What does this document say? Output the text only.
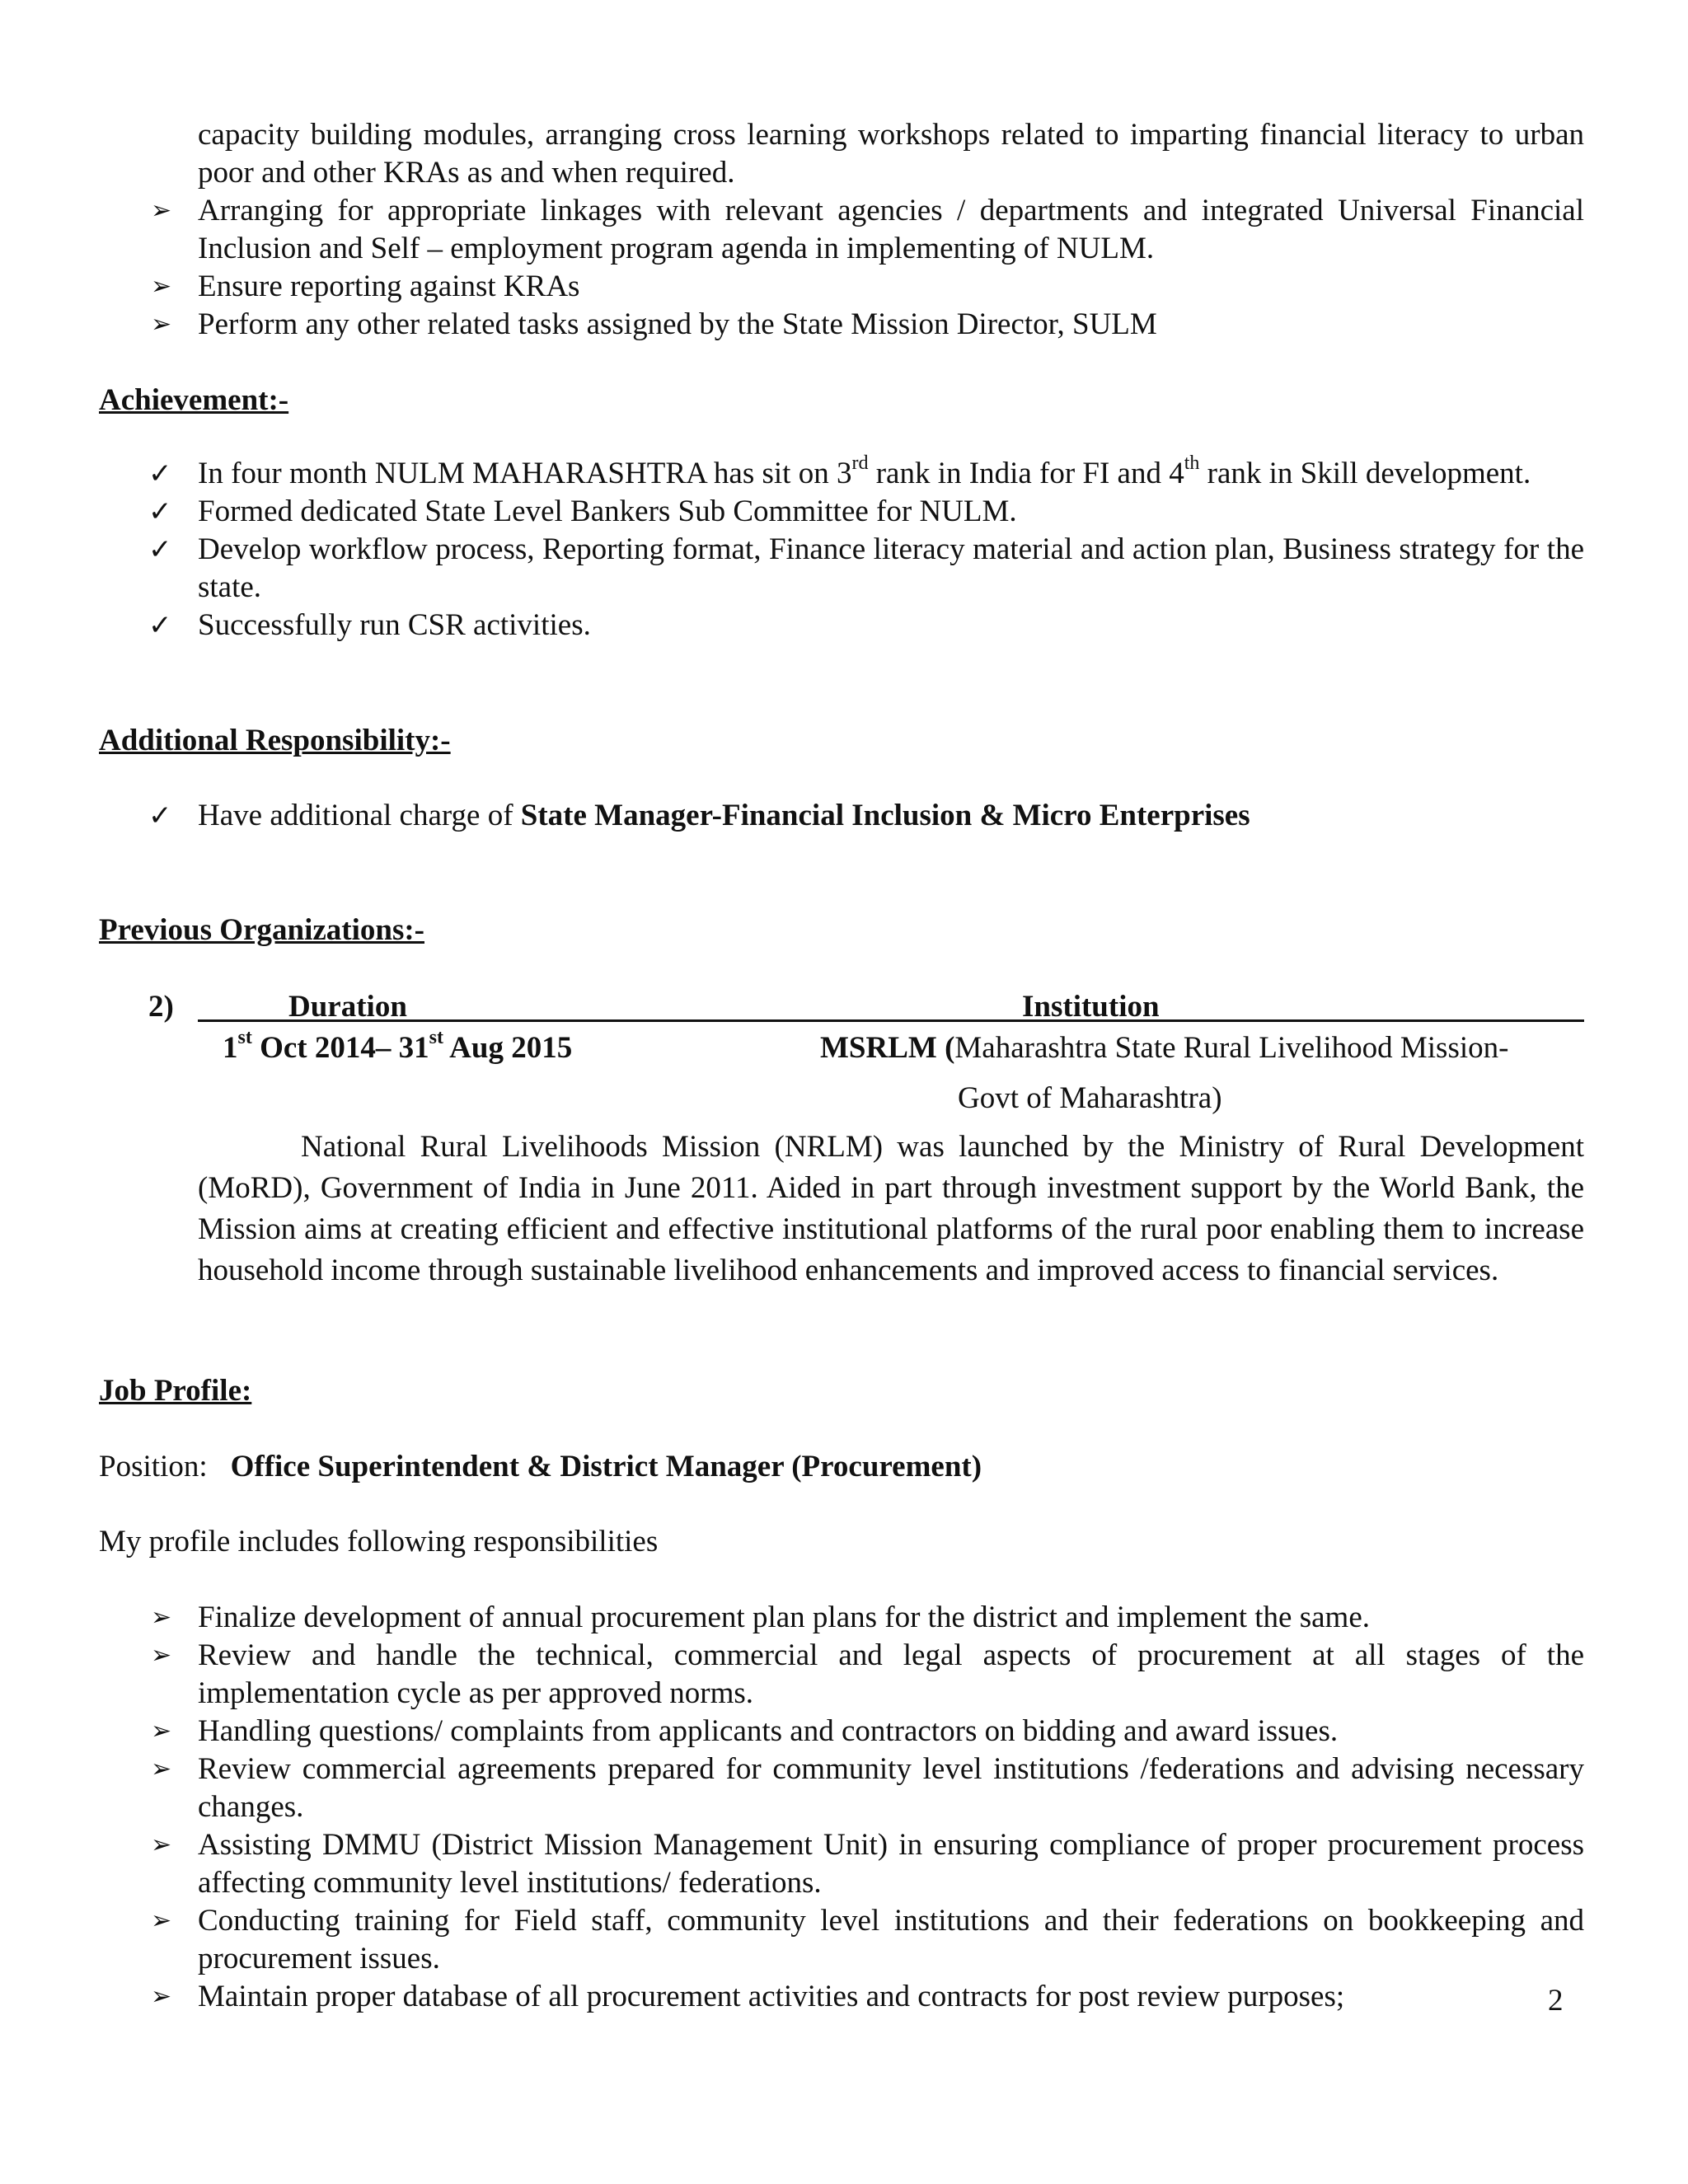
capacity building modules, arranging cross learning workshops related to imparting financial literacy to urban poor and other KRAs as and when required.
➢ Arranging for appropriate linkages with relevant agencies / departments and integrated Universal Financial Inclusion and Self – employment program agenda in implementing of NULM.
➢ Ensure reporting against KRAs
➢ Perform any other related tasks assigned by the State Mission Director, SULM
Achievement:-
✓ In four month NULM MAHARASHTRA has sit on 3rd rank in India for FI and 4th rank in Skill development.
✓ Formed dedicated State Level Bankers Sub Committee for NULM.
✓ Develop workflow process, Reporting format, Finance literacy material and action plan, Business strategy for the state.
✓ Successfully run CSR activities.
Additional Responsibility:-
✓ Have additional charge of State Manager-Financial Inclusion & Micro Enterprises
Previous Organizations:-
2)	Duration	Institution
1st Oct 2014– 31st Aug 2015	MSRLM (Maharashtra State Rural Livelihood Mission-
Govt of Maharashtra)
National Rural Livelihoods Mission (NRLM) was launched by the Ministry of Rural Development (MoRD), Government of India in June 2011. Aided in part through investment support by the World Bank, the Mission aims at creating efficient and effective institutional platforms of the rural poor enabling them to increase household income through sustainable livelihood enhancements and improved access to financial services.
Job Profile:
Position: Office Superintendent & District Manager (Procurement)
My profile includes following responsibilities
➢ Finalize development of annual procurement plan plans for the district and implement the same.
➢ Review and handle the technical, commercial and legal aspects of procurement at all stages of the implementation cycle as per approved norms.
➢ Handling questions/ complaints from applicants and contractors on bidding and award issues.
➢ Review commercial agreements prepared for community level institutions /federations and advising necessary changes.
➢ Assisting DMMU (District Mission Management Unit) in ensuring compliance of proper procurement process affecting community level institutions/ federations.
➢ Conducting training for Field staff, community level institutions and their federations on bookkeeping and procurement issues.
➢ Maintain proper database of all procurement activities and contracts for post review purposes;	2
